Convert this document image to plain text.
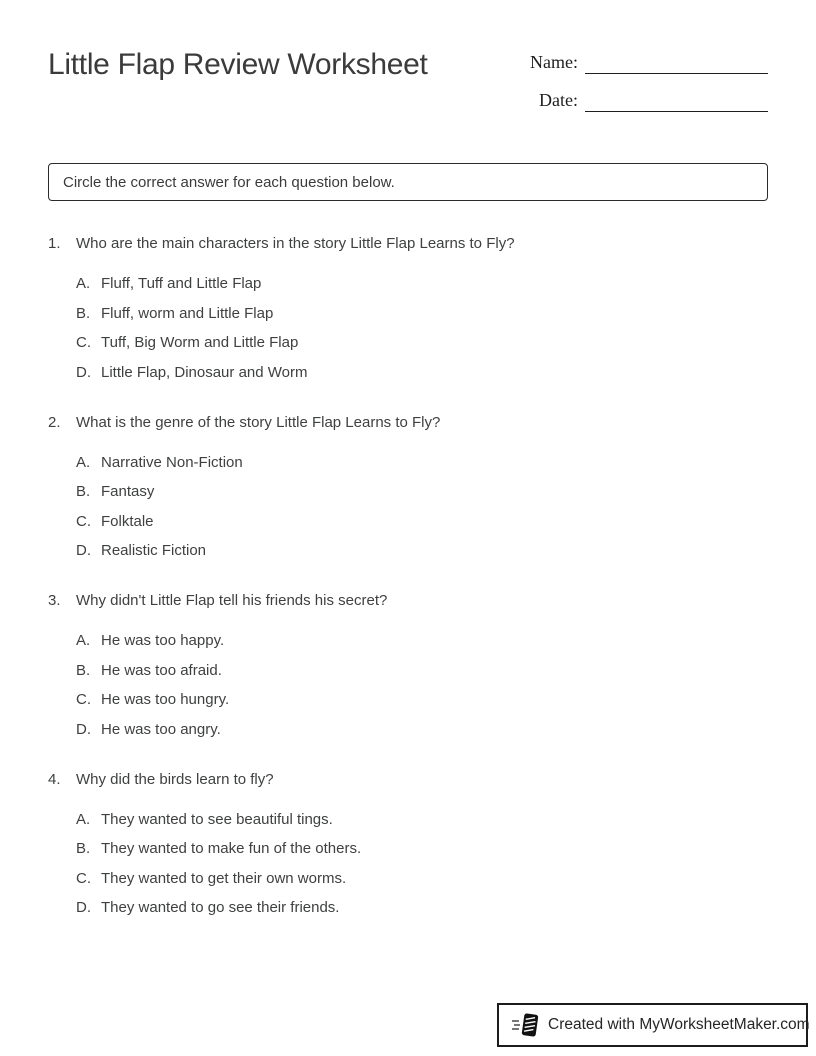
Little Flap Review Worksheet	Name:
Date:
Circle the correct answer for each question below.
1.	Who are the main characters in the story Little Flap Learns to Fly?
A. Fluff, Tuff and Little Flap
B. Fluff, worm and Little Flap
C. Tuff, Big Worm and Little Flap
D. Little Flap, Dinosaur and Worm
2.	What is the genre of the story Little Flap Learns to Fly?
A. Narrative Non-Fiction
B. Fantasy
C. Folktale
D. Realistic Fiction
3.	Why didn't Little Flap tell his friends his secret?
A. He was too happy.
B. He was too afraid.
C. He was too hungry.
D. He was too angry.
4.	Why did the birds learn to fly?
A. They wanted to see beautiful tings.
B. They wanted to make fun of the others.
C. They wanted to get their own worms.
D. They wanted to go see their friends.
Created with MyWorksheetMaker.com
